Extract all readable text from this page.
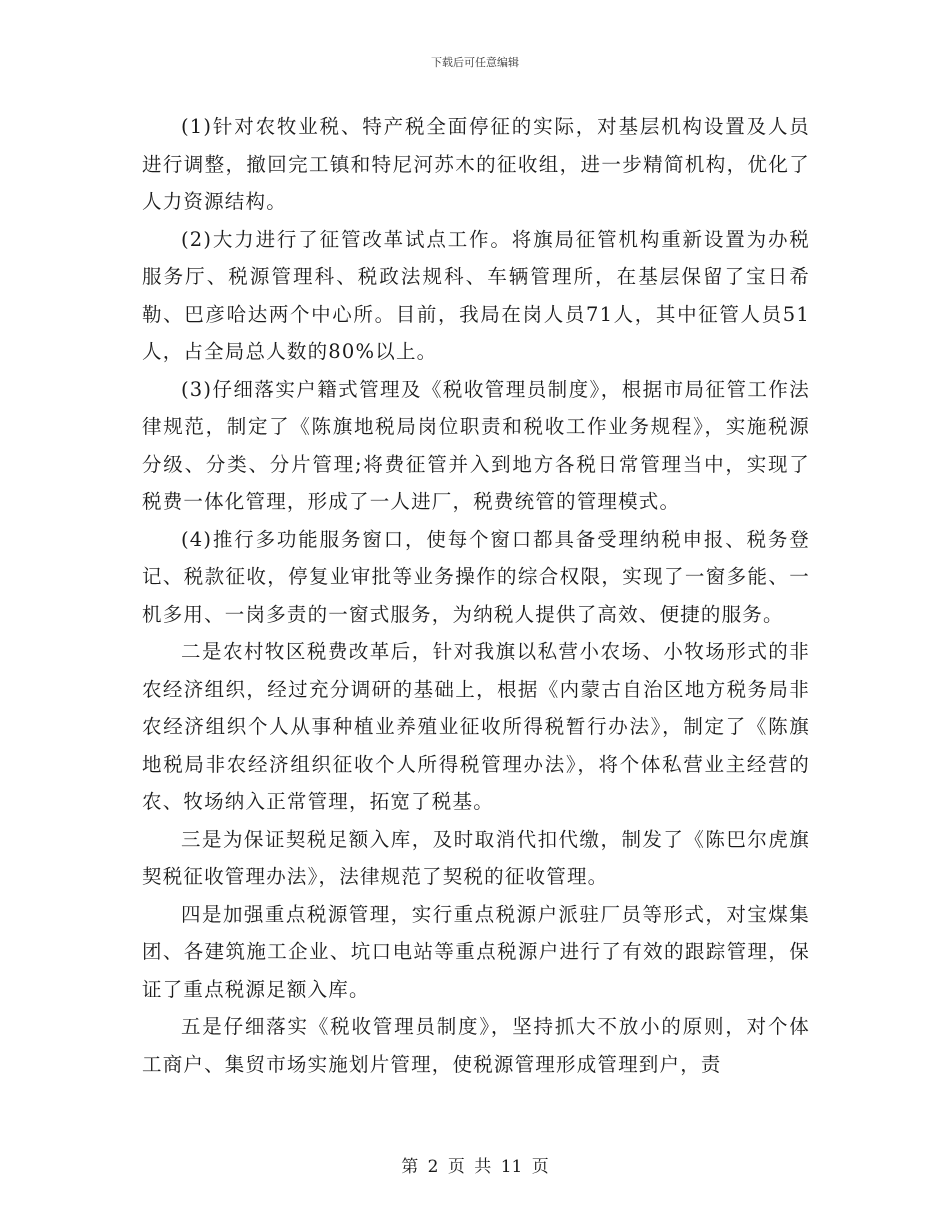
下载后可任意编辑

(1)针对农牧业税、特产税全面停征的实际，对基层机构设置及人员进行调整，撤回完工镇和特尼河苏木的征收组，进一步精简机构，优化了人力资源结构。

(2)大力进行了征管改革试点工作。将旗局征管机构重新设置为办税服务厅、税源管理科、税政法规科、车辆管理所，在基层保留了宝日希勒、巴彦哈达两个中心所。目前，我局在岗人员71人，其中征管人员51人，占全局总人数的80%以上。

(3)仔细落实户籍式管理及《税收管理员制度》，根据市局征管工作法律规范，制定了《陈旗地税局岗位职责和税收工作业务规程》，实施税源分级、分类、分片管理;将费征管并入到地方各税日常管理当中，实现了税费一体化管理，形成了一人进厂，税费统管的管理模式。

(4)推行多功能服务窗口，使每个窗口都具备受理纳税申报、税务登记、税款征收，停复业审批等业务操作的综合权限，实现了一窗多能、一机多用、一岗多责的一窗式服务，为纳税人提供了高效、便捷的服务。

二是农村牧区税费改革后，针对我旗以私营小农场、小牧场形式的非农经济组织，经过充分调研的基础上，根据《内蒙古自治区地方税务局非农经济组织个人从事种植业养殖业征收所得税暂行办法》，制定了《陈旗地税局非农经济组织征收个人所得税管理办法》，将个体私营业主经营的农、牧场纳入正常管理，拓宽了税基。

三是为保证契税足额入库，及时取消代扣代缴，制发了《陈巴尔虎旗契税征收管理办法》，法律规范了契税的征收管理。

四是加强重点税源管理，实行重点税源户派驻厂员等形式，对宝煤集团、各建筑施工企业、坑口电站等重点税源户进行了有效的跟踪管理，保证了重点税源足额入库。

五是仔细落实《税收管理员制度》，坚持抓大不放小的原则，对个体工商户、集贸市场实施划片管理，使税源管理形成管理到户，责

第 2 页 共 11 页
